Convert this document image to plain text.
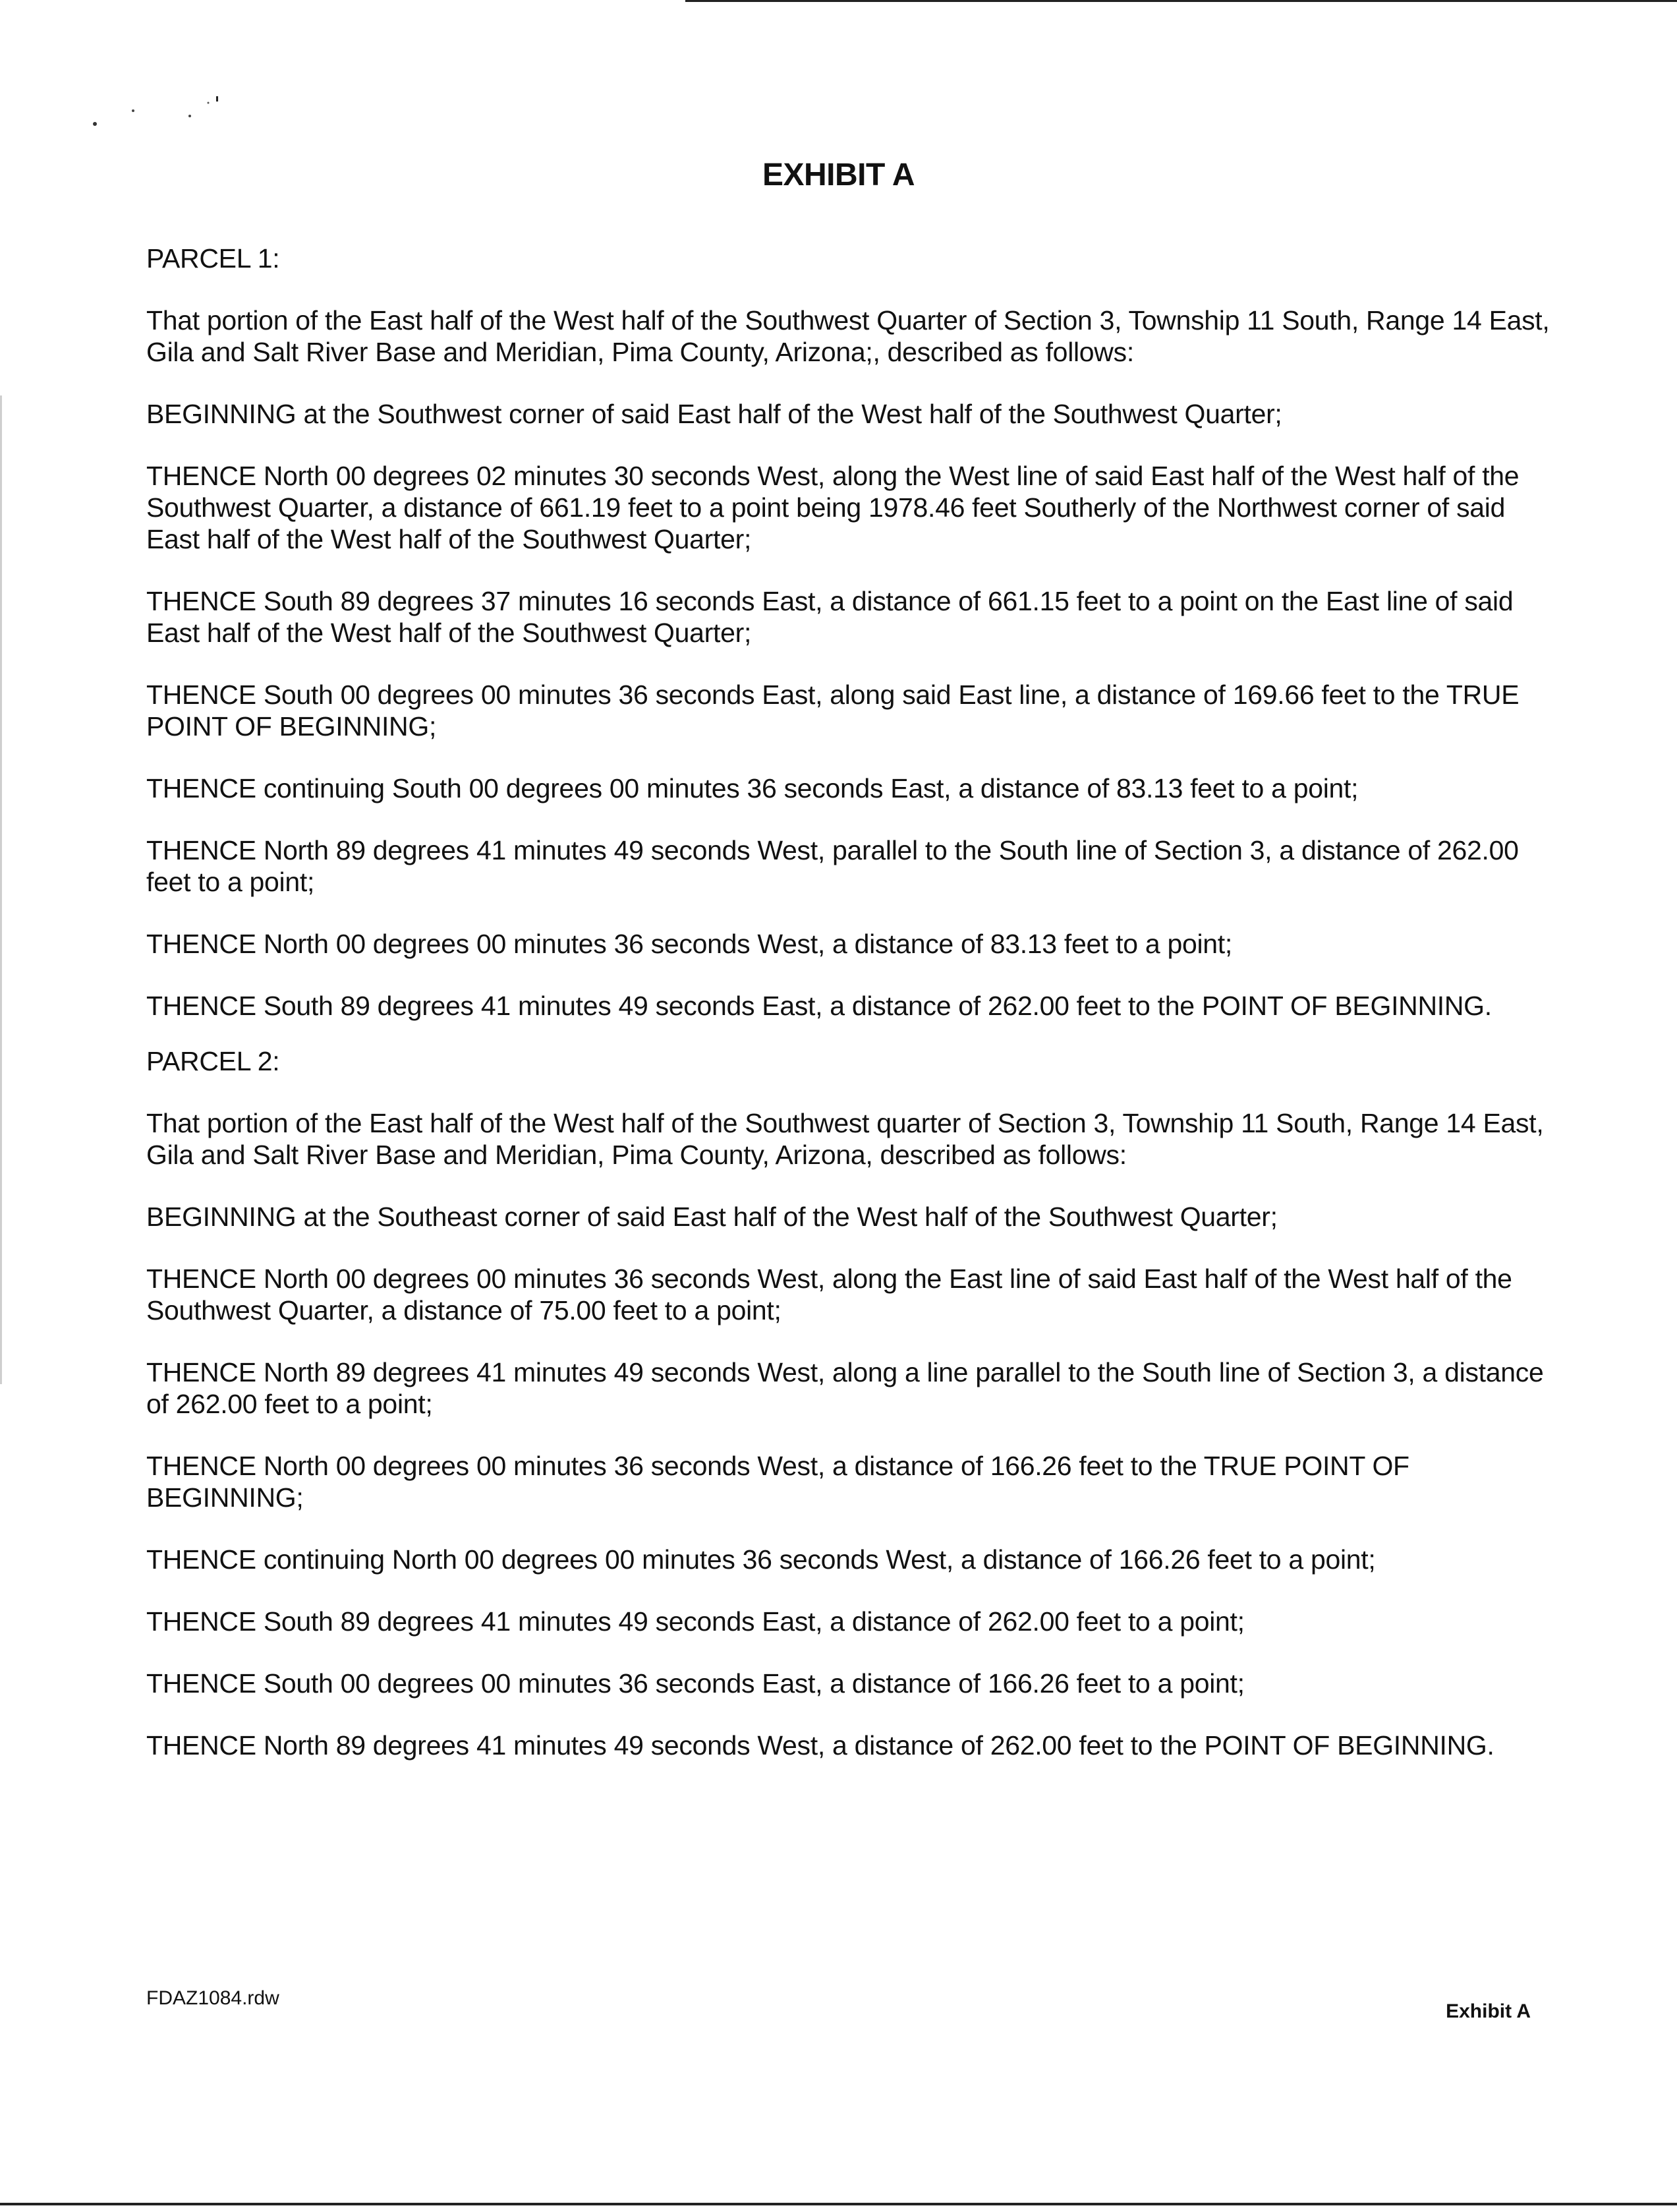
EXHIBIT A

PARCEL 1:

That portion of the East half of the West half of the Southwest Quarter of Section 3, Township 11 South, Range 14 East, Gila and Salt River Base and Meridian, Pima County, Arizona;, described as follows:

BEGINNING at the Southwest corner of said East half of the West half of the Southwest Quarter;

THENCE North 00 degrees 02 minutes 30 seconds West, along the West line of said East half of the West half of the Southwest Quarter, a distance of 661.19 feet to a point being 1978.46 feet Southerly of the Northwest corner of said East half of the West half of the Southwest Quarter;

THENCE South 89 degrees 37 minutes 16 seconds East, a distance of 661.15 feet to a point on the East line of said East half of the West half of the Southwest Quarter;

THENCE South 00 degrees 00 minutes 36 seconds East, along said East line, a distance of 169.66 feet to the TRUE POINT OF BEGINNING;

THENCE continuing South 00 degrees 00 minutes 36 seconds East, a distance of 83.13 feet to a point;

THENCE North 89 degrees 41 minutes 49 seconds West, parallel to the South line of Section 3, a distance of 262.00 feet to a point;

THENCE North 00 degrees 00 minutes 36 seconds West, a distance of 83.13 feet to a point;

THENCE South 89 degrees 41 minutes 49 seconds East, a distance of 262.00 feet to the POINT OF BEGINNING.

PARCEL 2:

That portion of the East half of the West half of the Southwest quarter of Section 3, Township 11 South, Range 14 East, Gila and Salt River Base and Meridian, Pima County, Arizona, described as follows:

BEGINNING at the Southeast corner of said East half of the West half of the Southwest Quarter;

THENCE North 00 degrees 00 minutes 36 seconds West, along the East line of said East half of the West half of the Southwest Quarter, a distance of 75.00 feet to a point;

THENCE North 89 degrees 41 minutes 49 seconds West, along a line parallel to the South line of Section 3, a distance of 262.00 feet to a point;

THENCE North 00 degrees 00 minutes 36 seconds West, a distance of 166.26 feet to the TRUE POINT OF BEGINNING;

THENCE continuing North 00 degrees 00 minutes 36 seconds West, a distance of 166.26 feet to a point;

THENCE South 89 degrees 41 minutes 49 seconds East, a distance of 262.00 feet to a point;

THENCE South 00 degrees 00 minutes 36 seconds East, a distance of 166.26 feet to a point;

THENCE North 89 degrees 41 minutes 49 seconds West, a distance of 262.00 feet to the POINT OF BEGINNING.

FDAZ1084.rdw
Exhibit A
